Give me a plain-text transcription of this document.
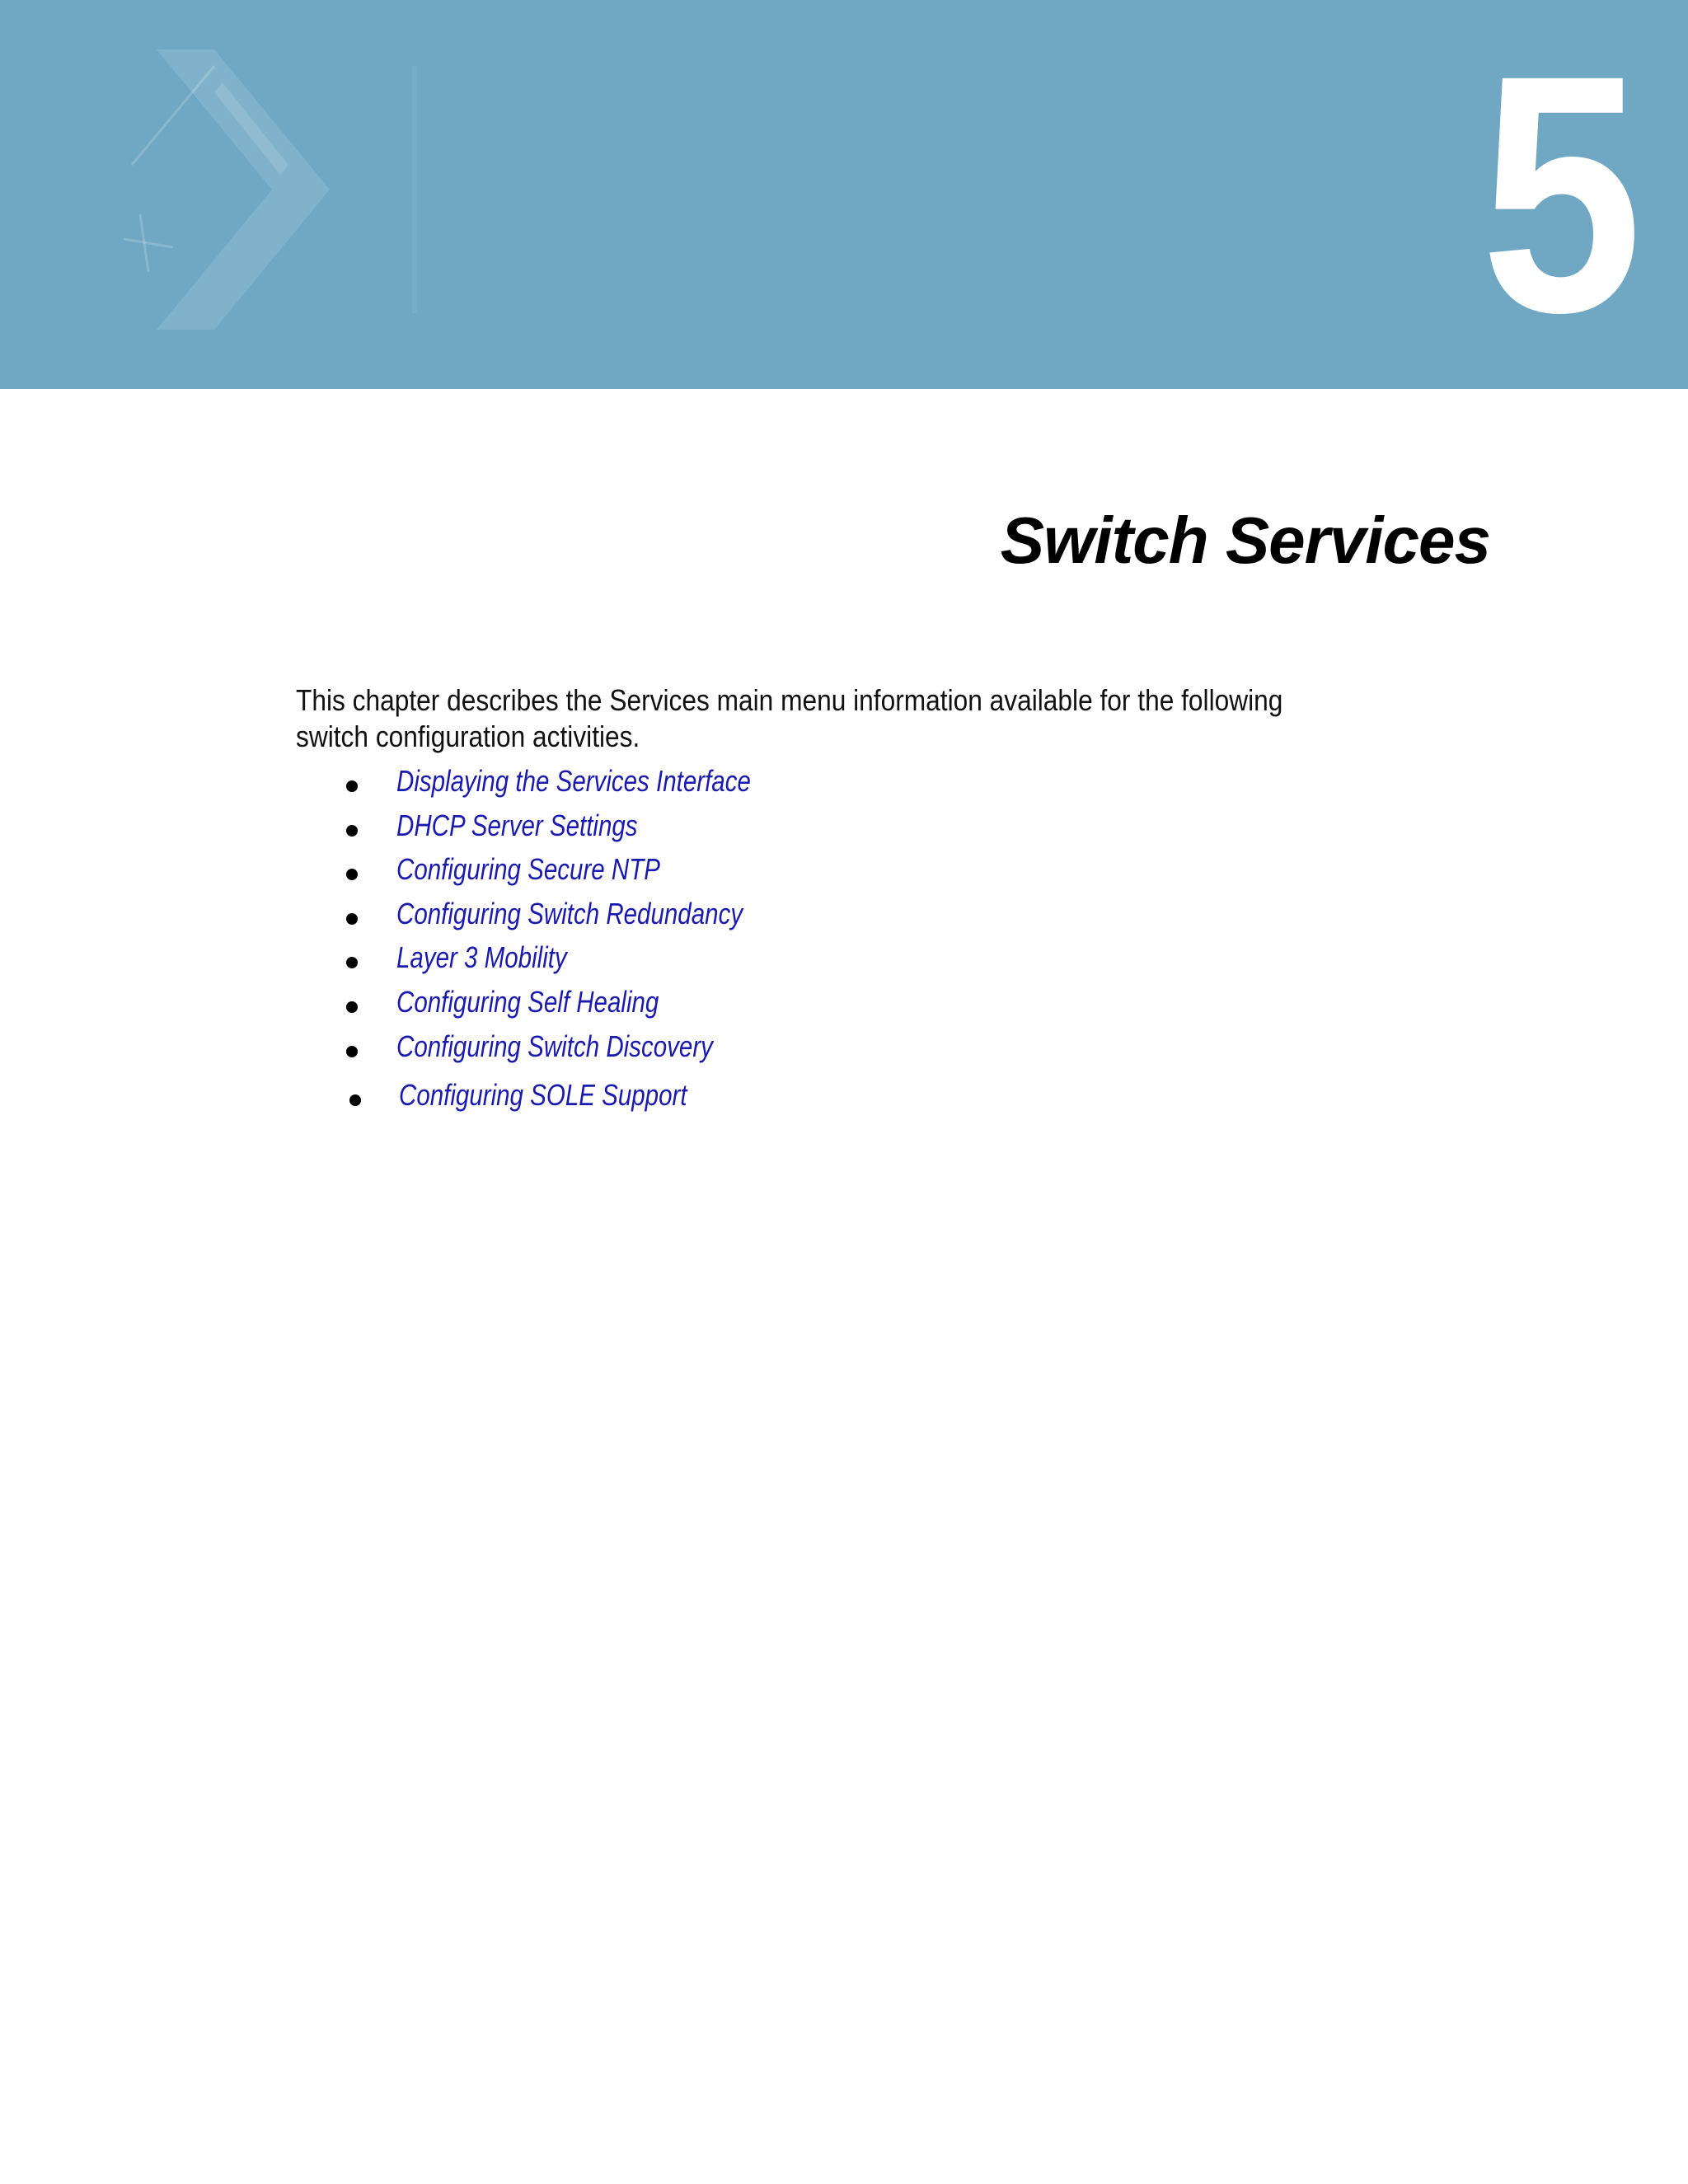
5
Switch Services
This chapter describes the Services main menu information available for the following switch configuration activities.
Displaying the Services Interface
DHCP Server Settings
Configuring Secure NTP
Configuring Switch Redundancy
Layer 3 Mobility
Configuring Self Healing
Configuring Switch Discovery
Configuring SOLE Support
